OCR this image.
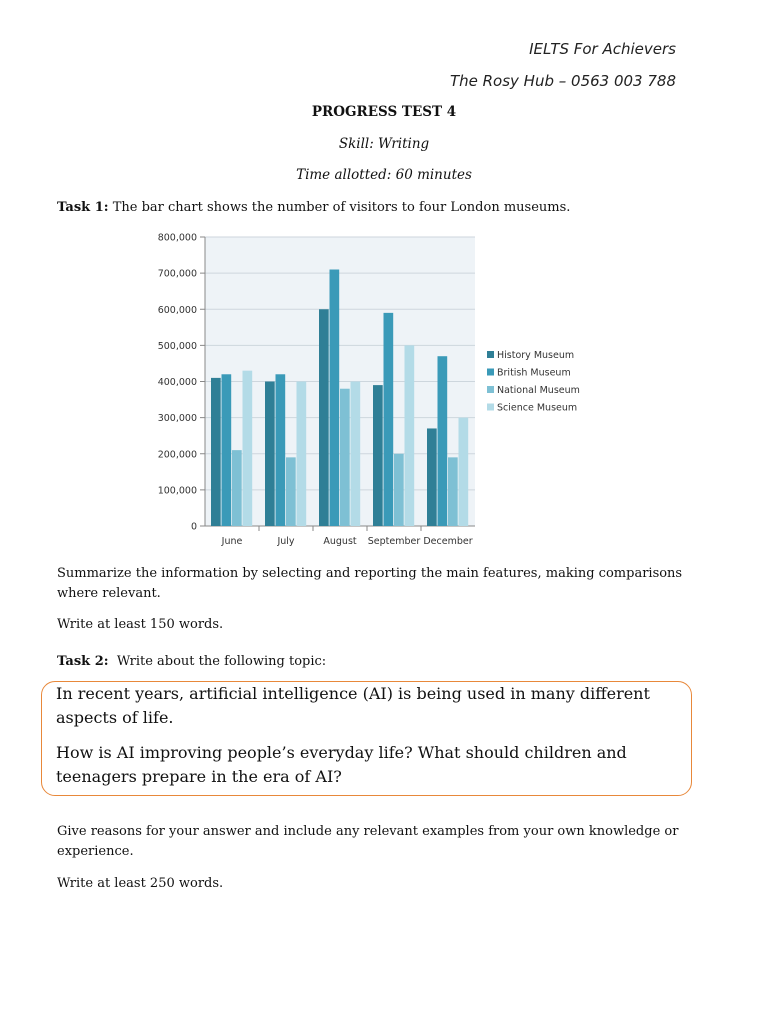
IELTS For Achievers
The Rosy Hub – 0563 003 788
PROGRESS TEST 4
Skill: Writing
Time allotted: 60 minutes
Task 1: The bar chart shows the number of visitors to four London museums.
800,000
700,000
600,000
500,000
400,000
300,000
200,000
100,000
0
June	July	August September December
History Museum
British Museum
National Museum
Science Museum
Summarize the information by selecting and reporting the main features, making comparisons where relevant.
Write at least 150 words.
Task 2: Write about the following topic:
In recent years, artificial intelligence (AI) is being used in many different aspects of life.
How is AI improving people’s everyday life? What should children and teenagers prepare in the era of AI?
Give reasons for your answer and include any relevant examples from your own knowledge or experience.
Write at least 250 words.
